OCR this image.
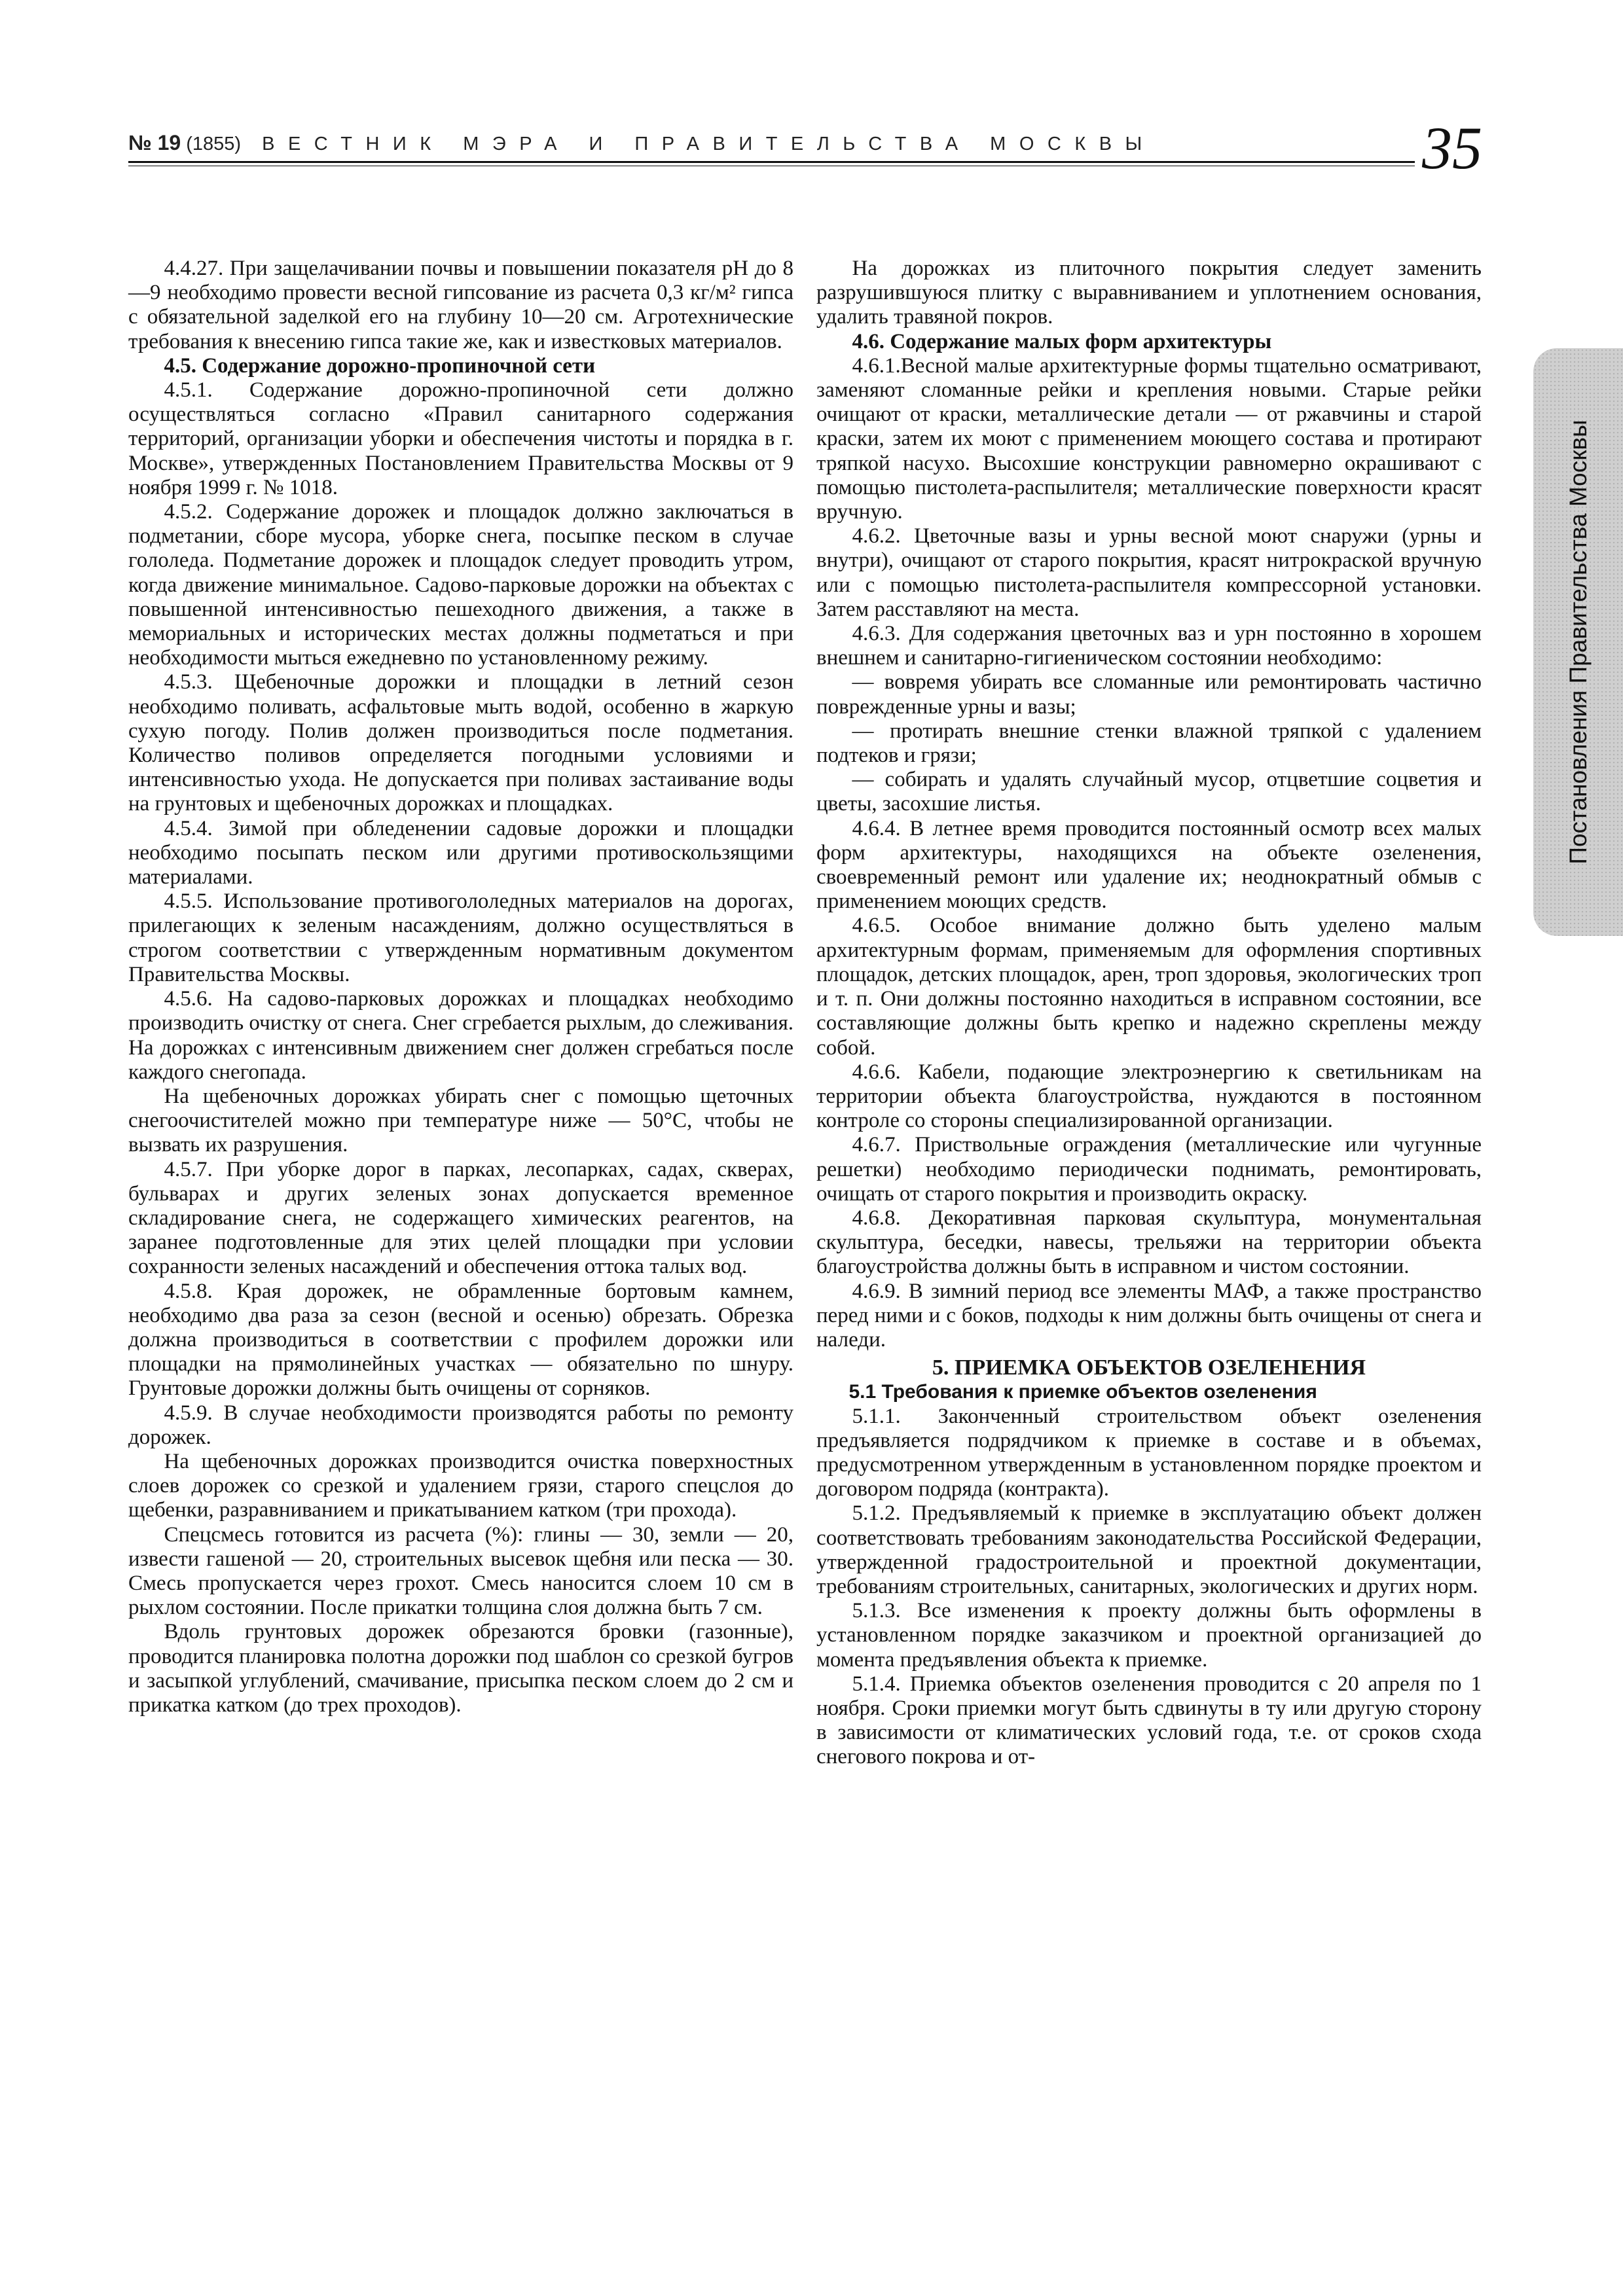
№ 19 (1855) ВЕСТНИК МЭРА И ПРАВИТЕЛЬСТВА МОСКВЫ	35
Постановления Правительства Москвы

4.4.27. При защелачивании почвы и повышении показателя pH до 8—9 необходимо провести весной гипсование из расчета 0,3 кг/м² гипса с обязательной заделкой его на глубину 10—20 см. Агротехнические требования к внесению гипса такие же, как и известковых материалов.

4.5. Содержание дорожно-пропиночной сети

4.5.1. Содержание дорожно-пропиночной сети должно осуществляться согласно «Правил санитарного содержания территорий, организации уборки и обеспечения чистоты и порядка в г. Москве», утвержденных Постановлением Правительства Москвы от 9 ноября 1999 г. № 1018.

4.5.2. Содержание дорожек и площадок должно заключаться в подметании, сборе мусора, уборке снега, посыпке песком в случае гололеда. Подметание дорожек и площадок следует проводить утром, когда движение минимальное. Садово-парковые дорожки на объектах с повышенной интенсивностью пешеходного движения, а также в мемориальных и исторических местах должны подметаться и при необходимости мыться ежедневно по установленному режиму.

4.5.3. Щебеночные дорожки и площадки в летний сезон необходимо поливать, асфальтовые мыть водой, особенно в жаркую сухую погоду. Полив должен производиться после подметания. Количество поливов определяется погодными условиями и интенсивностью ухода. Не допускается при поливах застаивание воды на грунтовых и щебеночных дорожках и площадках.

4.5.4. Зимой при обледенении садовые дорожки и площадки необходимо посыпать песком или другими противоскользящими материалами.

4.5.5. Использование противогололедных материалов на дорогах, прилегающих к зеленым насаждениям, должно осуществляться в строгом соответствии с утвержденным нормативным документом Правительства Москвы.

4.5.6. На садово-парковых дорожках и площадках необходимо производить очистку от снега. Снег сгребается рыхлым, до слеживания. На дорожках с интенсивным движением снег должен сгребаться после каждого снегопада.

На щебеночных дорожках убирать снег с помощью щеточных снегоочистителей можно при температуре ниже — 50°С, чтобы не вызвать их разрушения.

4.5.7. При уборке дорог в парках, лесопарках, садах, скверах, бульварах и других зеленых зонах допускается временное складирование снега, не содержащего химических реагентов, на заранее подготовленные для этих целей площадки при условии сохранности зеленых насаждений и обеспечения оттока талых вод.

4.5.8. Края дорожек, не обрамленные бортовым камнем, необходимо два раза за сезон (весной и осенью) обрезать. Обрезка должна производиться в соответствии с профилем дорожки или площадки на прямолинейных участках — обязательно по шнуру. Грунтовые дорожки должны быть очищены от сорняков.

4.5.9. В случае необходимости производятся работы по ремонту дорожек.

На щебеночных дорожках производится очистка поверхностных слоев дорожек со срезкой и удалением грязи, старого спецслоя до щебенки, разравниванием и прикатыванием катком (три прохода).

Спецсмесь готовится из расчета (%): глины — 30, земли — 20, извести гашеной — 20, строительных высевок щебня или песка — 30. Смесь пропускается через грохот. Смесь наносится слоем 10 см в рыхлом состоянии. После прикатки толщина слоя должна быть 7 см.

Вдоль грунтовых дорожек обрезаются бровки (газонные), проводится планировка полотна дорожки под шаблон со срезкой бугров и засыпкой углублений, смачивание, присыпка песком слоем до 2 см и прикатка катком (до трех проходов).

На дорожках из плиточного покрытия следует заменить разрушившуюся плитку с выравниванием и уплотнением основания, удалить травяной покров.

4.6. Содержание малых форм архитектуры

4.6.1.Весной малые архитектурные формы тщательно осматривают, заменяют сломанные рейки и крепления новыми. Старые рейки очищают от краски, металлические детали — от ржавчины и старой краски, затем их моют с применением моющего состава и протирают тряпкой насухо. Высохшие конструкции равномерно окрашивают с помощью пистолета-распылителя; металлические поверхности красят вручную.

4.6.2. Цветочные вазы и урны весной моют снаружи (урны и внутри), очищают от старого покрытия, красят нитрокраской вручную или с помощью пистолета-распылителя компрессорной установки. Затем расставляют на места.

4.6.3. Для содержания цветочных ваз и урн постоянно в хорошем внешнем и санитарно-гигиеническом состоянии необходимо:

— вовремя убирать все сломанные или ремонтировать частично поврежденные урны и вазы;

— протирать внешние стенки влажной тряпкой с удалением подтеков и грязи;

— собирать и удалять случайный мусор, отцветшие соцветия и цветы, засохшие листья.

4.6.4. В летнее время проводится постоянный осмотр всех малых форм архитектуры, находящихся на объекте озеленения, своевременный ремонт или удаление их; неоднократный обмыв с применением моющих средств.

4.6.5. Особое внимание должно быть уделено малым архитектурным формам, применяемым для оформления спортивных площадок, детских площадок, арен, троп здоровья, экологических троп и т. п. Они должны постоянно находиться в исправном состоянии, все составляющие должны быть крепко и надежно скреплены между собой.

4.6.6. Кабели, подающие электроэнергию к светильникам на территории объекта благоустройства, нуждаются в постоянном контроле со стороны специализированной организации.

4.6.7. Приствольные ограждения (металлические или чугунные решетки) необходимо периодически поднимать, ремонтировать, очищать от старого покрытия и производить окраску.

4.6.8. Декоративная парковая скульптура, монументальная скульптура, беседки, навесы, трельяжи на территории объекта благоустройства должны быть в исправном и чистом состоянии.

4.6.9. В зимний период все элементы МАФ, а также пространство перед ними и с боков, подходы к ним должны быть очищены от снега и наледи.

5. ПРИЕМКА ОБЪЕКТОВ ОЗЕЛЕНЕНИЯ

5.1 Требования к приемке объектов озеленения

5.1.1. Законченный строительством объект озеленения предъявляется подрядчиком к приемке в составе и в объемах, предусмотренном утвержденным в установленном порядке проектом и договором подряда (контракта).

5.1.2. Предъявляемый к приемке в эксплуатацию объект должен соответствовать требованиям законодательства Российской Федерации, утвержденной градостроительной и проектной документации, требованиям строительных, санитарных, экологических и других норм.

5.1.3. Все изменения к проекту должны быть оформлены в установленном порядке заказчиком и проектной организацией до момента предъявления объекта к приемке.

5.1.4. Приемка объектов озеленения проводится с 20 апреля по 1 ноября. Сроки приемки могут быть сдвинуты в ту или другую сторону в зависимости от климатических условий года, т.е. от сроков схода снегового покрова и от-
